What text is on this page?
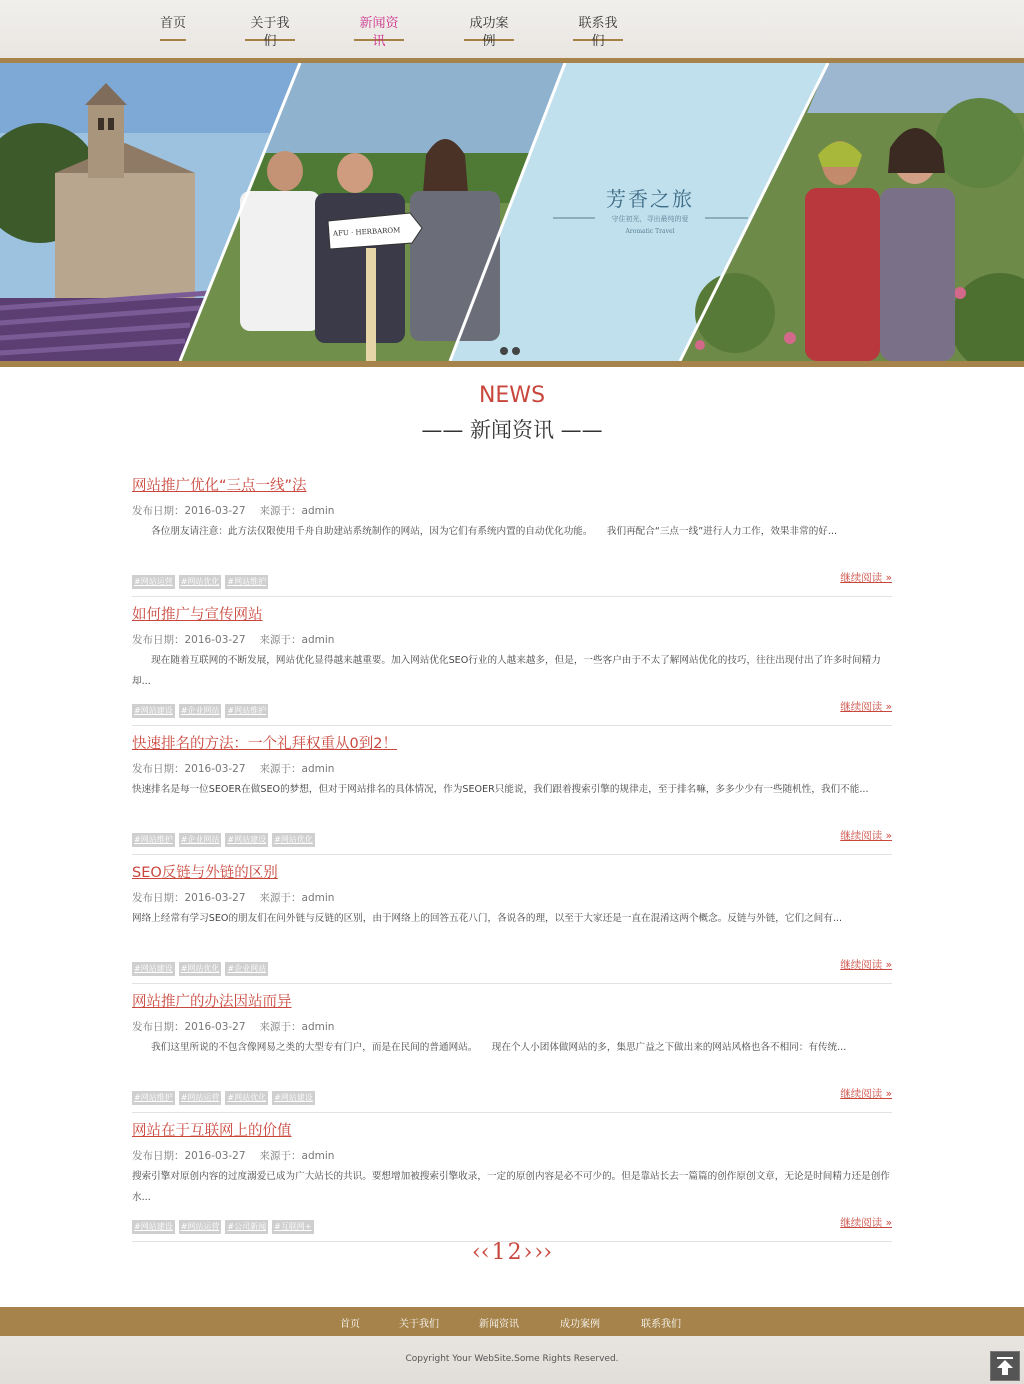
首页	关于我们
新闻资讯
成功案例
联系我们
AFU · HERBAROM
芳香之旅
守住初光，寻出最纯的爱
Aromatic Travel
NEWS
—— 新闻资讯 ——
网站推广优化“三点一线”法
发布日期：2016-03-27 来源于：admin
　　各位朋友请注意：此方法仅限使用千舟自助建站系统制作的网站，因为它们有系统内置的自动优化功能。　　我们再配合“三点一线”进行人力工作，效果非常的好...
#网站运营 #网站优化 #网站维护	继续阅读 »
如何推广与宣传网站
发布日期：2016-03-27 来源于：admin
　　现在随着互联网的不断发展，网站优化显得越来越重要。加入网站优化SEO行业的人越来越多，但是，一些客户由于不太了解网站优化的技巧，往往出现付出了许多时间精力却...
#网站建设 #企业网站 #网站维护	继续阅读 »
快速排名的方法：一个礼拜权重从0到2！
发布日期：2016-03-27 来源于：admin
快速排名是每一位SEOER在做SEO的梦想，但对于网站排名的具体情况，作为SEOER只能说，我们跟着搜索引擎的规律走，至于排名嘛，多多少少有一些随机性，我们不能...
#网站维护 #企业网站 #网站建设 #网站优化	继续阅读 »
SEO反链与外链的区别
发布日期：2016-03-27 来源于：admin
网络上经常有学习SEO的朋友们在问外链与反链的区别，由于网络上的回答五花八门，各说各的理，以至于大家还是一直在混淆这两个概念。反链与外链，它们之间有...
#网站建设 #网站优化 #企业网站	继续阅读 »
网站推广的办法因站而异
发布日期：2016-03-27 来源于：admin
　　我们这里所说的不包含像网易之类的大型专有门户，而是在民间的普通网站。　　现在个人小团体做网站的多，集思广益之下做出来的网站风格也各不相同：有传统...
#网站维护 #网站运营 #网站优化 #网站建设	继续阅读 »
网站在于互联网上的价值
发布日期：2016-03-27 来源于：admin
搜索引擎对原创内容的过度溺爱已成为广大站长的共识。要想增加被搜索引擎收录，一定的原创内容是必不可少的。但是靠站长去一篇篇的创作原创文章，无论是时间精力还是创作水...
#网站建设 #网站运营 #公司新闻 #互联网+	继续阅读 »
‹‹12›››
首页	关于我们	新闻资讯	成功案例	联系我们
Copyright Your WebSite.Some Rights Reserved.
